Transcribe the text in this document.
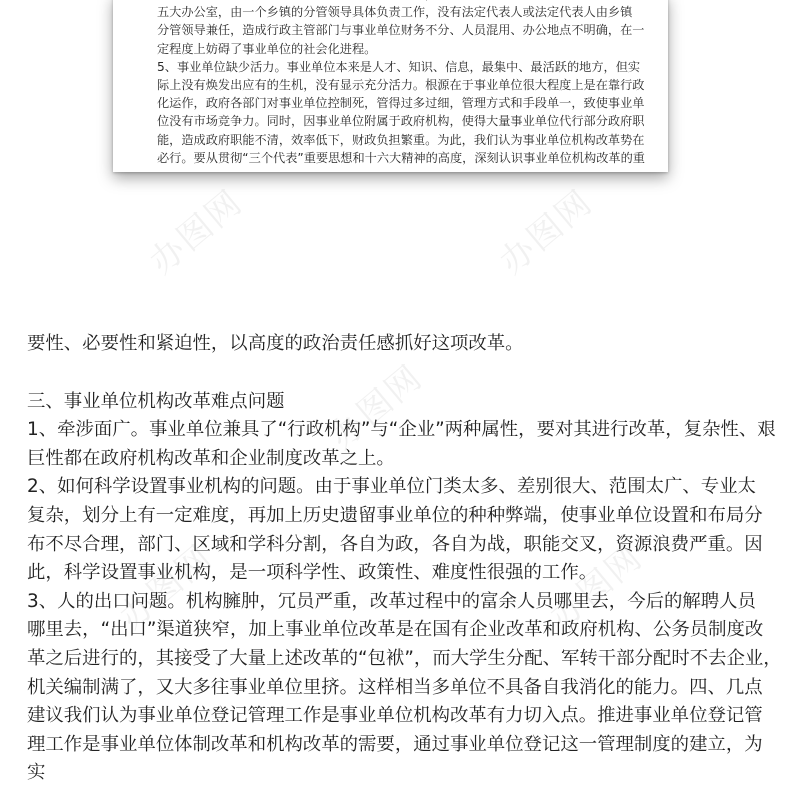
五大办公室，由一个乡镇的分管领导具体负责工作，没有法定代表人或法定代表人由乡镇
分管领导兼任，造成行政主管部门与事业单位财务不分、人员混用、办公地点不明确，在一
定程度上妨碍了事业单位的社会化进程。
5、事业单位缺少活力。事业单位本来是人才、知识、信息，最集中、最活跃的地方，但实
际上没有焕发出应有的生机，没有显示充分活力。根源在于事业单位很大程度上是在靠行政
化运作，政府各部门对事业单位控制死，管得过多过细，管理方式和手段单一，致使事业单
位没有市场竞争力。同时，因事业单位附属于政府机构，使得大量事业单位代行部分政府职
能，造成政府职能不清，效率低下，财政负担繁重。为此，我们认为事业单位机构改革势在
必行。要从贯彻“三个代表”重要思想和十六大精神的高度，深刻认识事业单位机构改革的重
办图网	办图网
办图网
办图网	办图网
要性、必要性和紧迫性，以高度的政治责任感抓好这项改革。
三、事业单位机构改革难点问题
1、牵涉面广。事业单位兼具了“行政机构”与“企业”两种属性，要对其进行改革，复杂性、艰
巨性都在政府机构改革和企业制度改革之上。
2、如何科学设置事业机构的问题。由于事业单位门类太多、差别很大、范围太广、专业太
复杂，划分上有一定难度，再加上历史遗留事业单位的种种弊端，使事业单位设置和布局分
布不尽合理，部门、区域和学科分割，各自为政，各自为战，职能交叉，资源浪费严重。因
此，科学设置事业机构，是一项科学性、政策性、难度性很强的工作。
3、人的出口问题。机构臃肿，冗员严重，改革过程中的富余人员哪里去，今后的解聘人员
哪里去，“出口”渠道狭窄，加上事业单位改革是在国有企业改革和政府机构、公务员制度改
革之后进行的，其接受了大量上述改革的“包袱”，而大学生分配、军转干部分配时不去企业，
机关编制满了，又大多往事业单位里挤。这样相当多单位不具备自我消化的能力。四、几点
建议我们认为事业单位登记管理工作是事业单位机构改革有力切入点。推进事业单位登记管
理工作是事业单位体制改革和机构改革的需要，通过事业单位登记这一管理制度的建立，为
实
